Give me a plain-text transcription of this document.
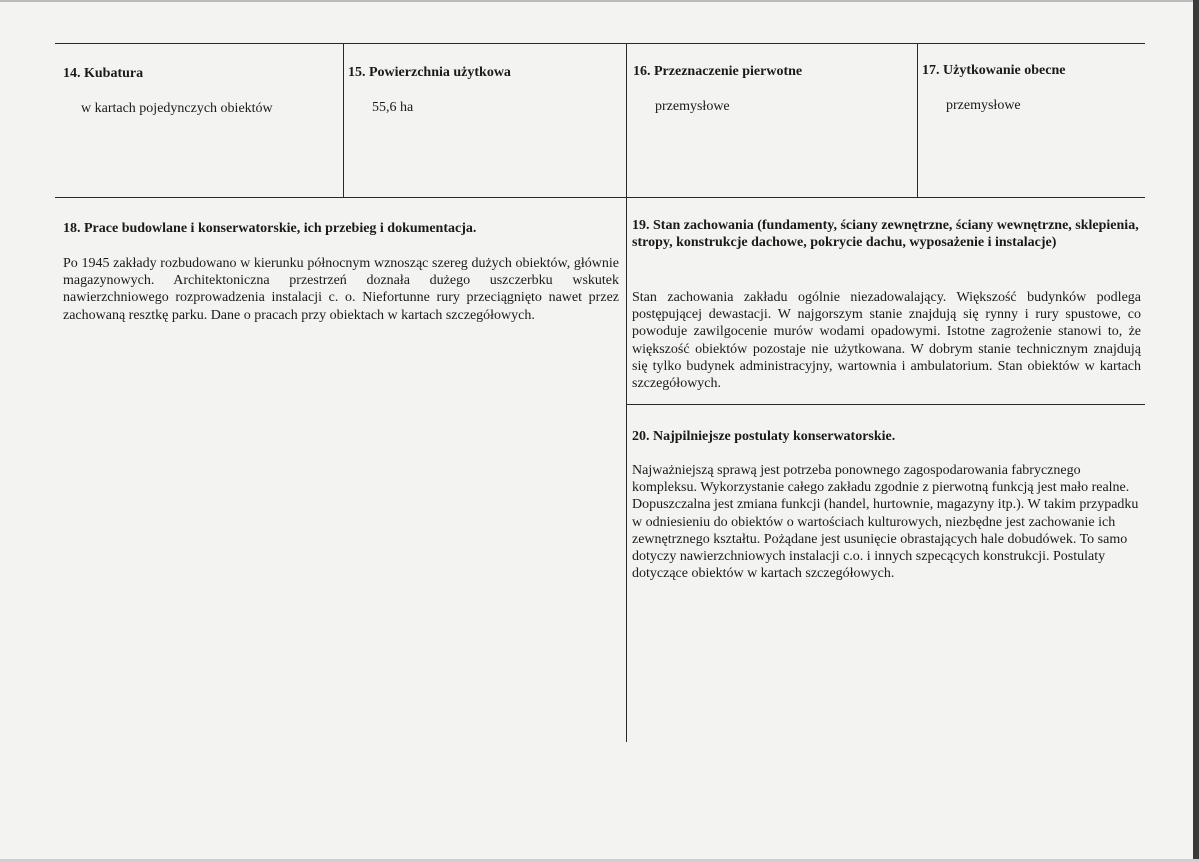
14. Kubatura
w kartach pojedynczych obiektów
15. Powierzchnia użytkowa
55,6 ha
16. Przeznaczenie pierwotne
przemysłowe
17. Użytkowanie obecne
przemysłowe
18. Prace budowlane i konserwatorskie, ich przebieg i dokumentacja.
Po 1945 zakłady rozbudowano w kierunku północnym wznosząc szereg dużych obiektów, głównie magazynowych. Architektoniczna przestrzeń doznała dużego uszczerbku wskutek nawierzchniowego rozprowadzenia instalacji c. o. Niefortunne rury przeciągnięto nawet przez zachowaną resztkę parku. Dane o pracach przy obiektach w kartach szczegółowych.
19. Stan zachowania (fundamenty, ściany zewnętrzne, ściany wewnętrzne, sklepienia, stropy, konstrukcje dachowe, pokrycie dachu, wyposażenie i instalacje)
Stan zachowania zakładu ogólnie niezadowalający. Większość budynków podlega postępującej dewastacji. W najgorszym stanie znajdują się rynny i rury spustowe, co powoduje zawilgocenie murów wodami opadowymi. Istotne zagrożenie stanowi to, że większość obiektów pozostaje nie użytkowana. W dobrym stanie technicznym znajdują się tylko budynek administracyjny, wartownia i ambulatorium. Stan obiektów w kartach szczegółowych.
20. Najpilniejsze postulaty konserwatorskie.
Najważniejszą sprawą jest potrzeba ponownego zagospodarowania fabrycznego kompleksu. Wykorzystanie całego zakładu zgodnie z pierwotną funkcją jest mało realne. Dopuszczalna jest zmiana funkcji (handel, hurtownie, magazyny itp.). W takim przypadku w odniesieniu do obiektów o wartościach kulturowych, niezbędne jest zachowanie ich zewnętrznego kształtu. Pożądane jest usunięcie obrastających hale dobudówek. To samo dotyczy nawierzchniowych instalacji c.o. i innych szpecących konstrukcji. Postulaty dotyczące obiektów w kartach szczegółowych.
